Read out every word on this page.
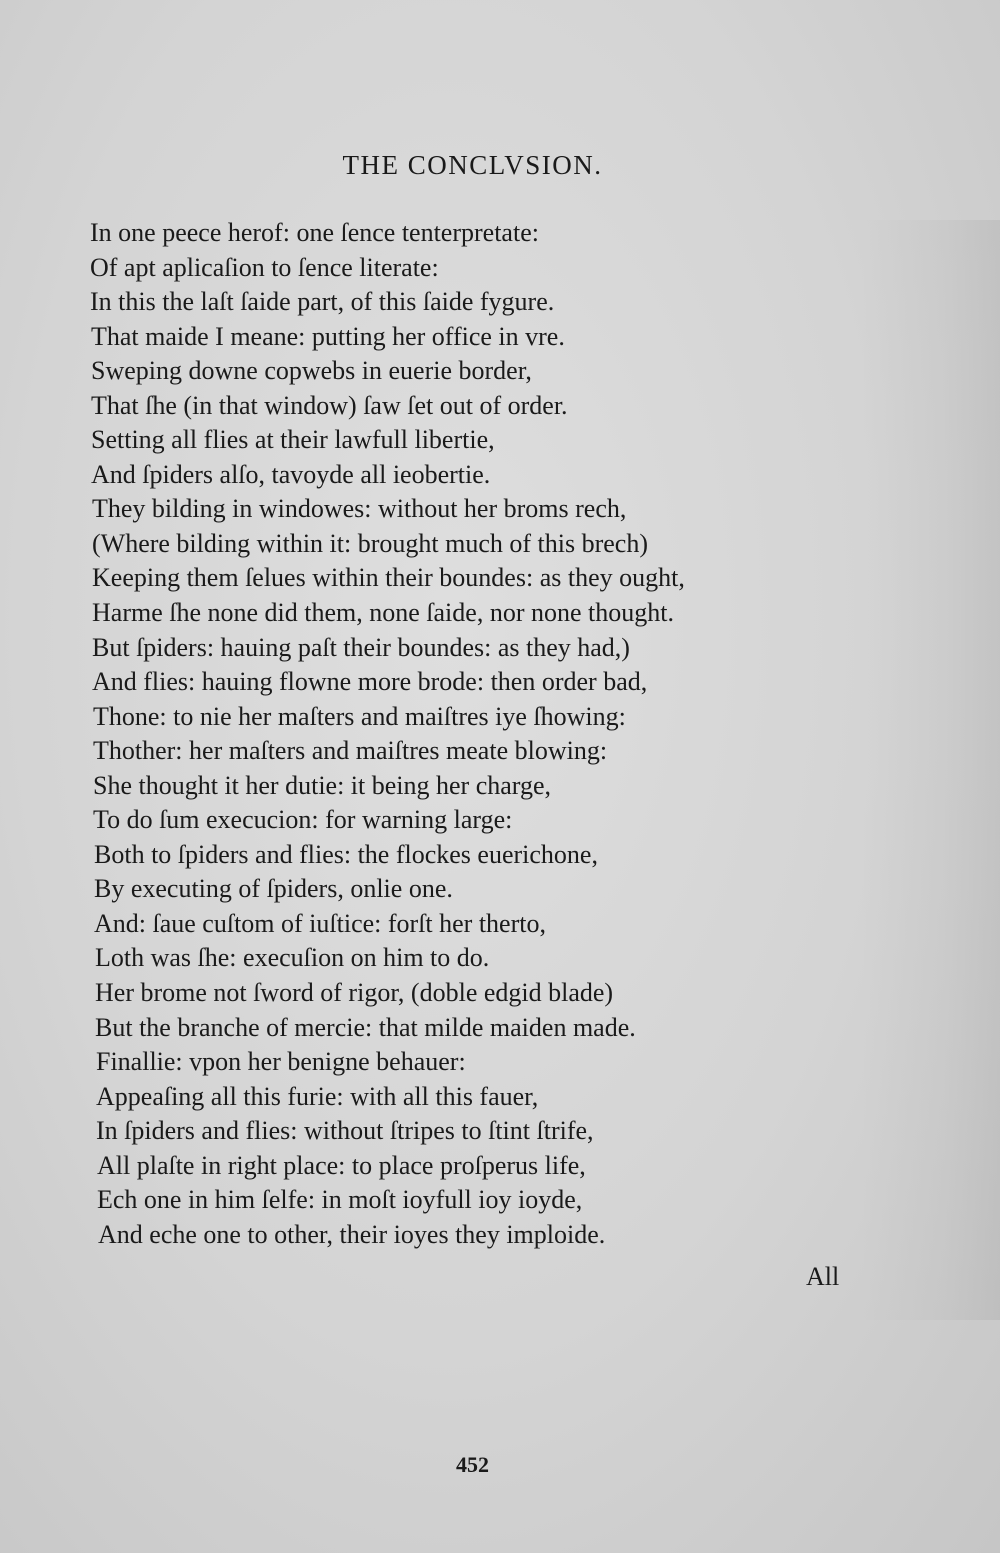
THE CONCLVSION.
In one peece herof: one ſence tenterpretate:
Of apt aplicaſion to ſence literate:
In this the laſt ſaide part, of this ſaide fygure.
That maide I meane: putting her office in vre.
Sweping downe copwebs in euerie border,
That ſhe (in that window) ſaw ſet out of order.
Setting all flies at their lawfull libertie,
And ſpiders alſo, tavoyde all ieobertie.
They bilding in windowes: without her broms rech,
(Where bilding within it: brought much of this brech)
Keeping them ſelues within their boundes: as they ought,
Harme ſhe none did them, none ſaide, nor none thought.
But ſpiders: hauing paſt their boundes: as they had,)
And flies: hauing flowne more brode: then order bad,
Thone: to nie her maſters and maiſtres iye ſhowing:
Thother: her maſters and maiſtres meate blowing:
She thought it her dutie: it being her charge,
To do ſum execucion: for warning large:
Both to ſpiders and flies: the flockes euerichone,
By executing of ſpiders, onlie one.
And: ſaue cuſtom of iuſtice: forſt her therto,
Loth was ſhe: execuſion on him to do.
Her brome not ſword of rigor, (doble edgid blade)
But the branche of mercie: that milde maiden made.
Finallie: vpon her benigne behauer:
Appeaſing all this furie: with all this fauer,
In ſpiders and flies: without ſtripes to ſtint ſtrife,
All plaſte in right place: to place proſperus life,
Ech one in him ſelfe: in moſt ioyfull ioy ioyde,
And eche one to other, their ioyes they imploide.
All
452
